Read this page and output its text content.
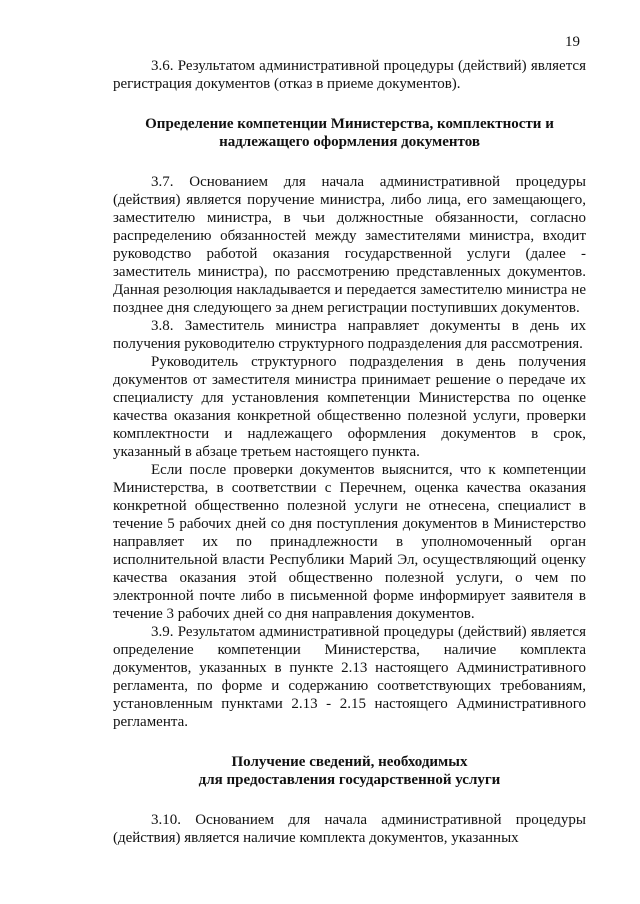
19

3.6. Результатом административной процедуры (действий) является регистрация документов (отказ в приеме документов).

Определение компетенции Министерства, комплектности и
надлежащего оформления документов

3.7. Основанием для начала административной процедуры (действия) является поручение министра, либо лица, его замещающего, заместителю министра, в чьи должностные обязанности, согласно распределению обязанностей между заместителями министра, входит руководство работой оказания государственной услуги (далее - заместитель министра), по рассмотрению представленных документов. Данная резолюция накладывается и передается заместителю министра не позднее дня следующего за днем регистрации поступивших документов.

3.8. Заместитель министра направляет документы в день их получения руководителю структурного подразделения для рассмотрения.

Руководитель структурного подразделения в день получения документов от заместителя министра принимает решение о передаче их специалисту для установления компетенции Министерства по оценке качества оказания конкретной общественно полезной услуги, проверки комплектности и надлежащего оформления документов в срок, указанный в абзаце третьем настоящего пункта.

Если после проверки документов выяснится, что к компетенции Министерства, в соответствии с Перечнем, оценка качества оказания конкретной общественно полезной услуги не отнесена, специалист в течение 5 рабочих дней со дня поступления документов в Министерство направляет их по принадлежности в уполномоченный орган исполнительной власти Республики Марий Эл, осуществляющий оценку качества оказания этой общественно полезной услуги, о чем по электронной почте либо в письменной форме информирует заявителя в течение 3 рабочих дней со дня направления документов.

3.9. Результатом административной процедуры (действий) является определение компетенции Министерства, наличие комплекта документов, указанных в пункте 2.13 настоящего Административного регламента, по форме и содержанию соответствующих требованиям, установленным пунктами 2.13 - 2.15 настоящего Административного регламента.

Получение сведений, необходимых
для предоставления государственной услуги

3.10. Основанием для начала административной процедуры (действия) является наличие комплекта документов, указанных
